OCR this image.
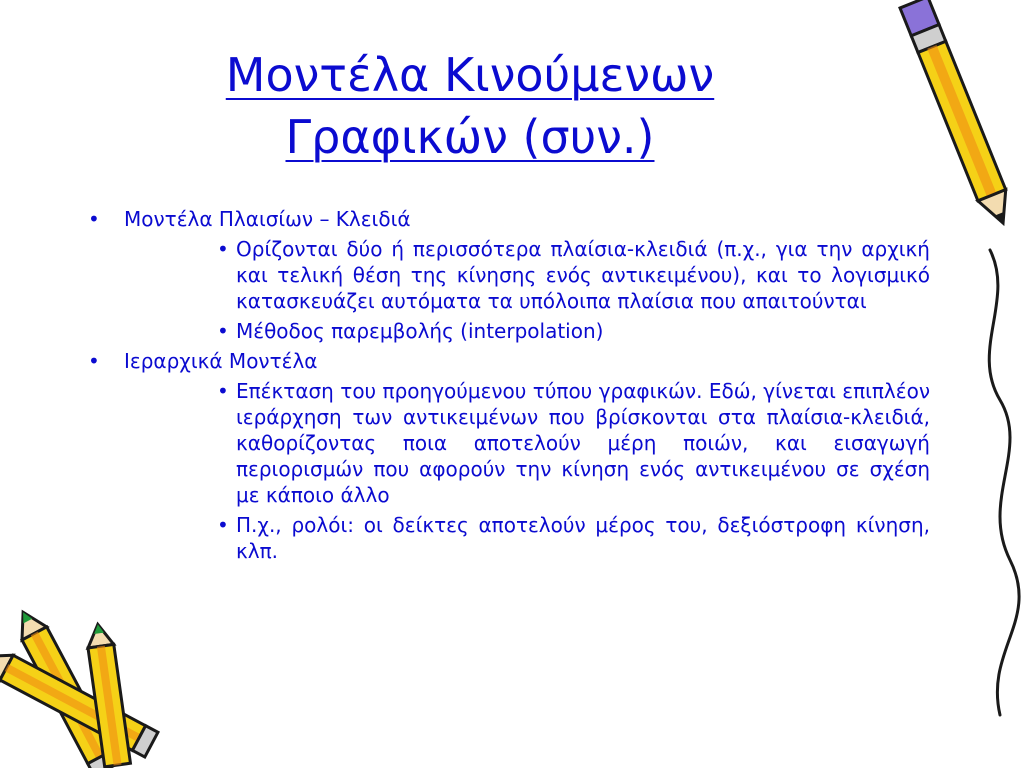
Μοντέλα Κινούμενων
Γραφικών (συν.)
• Μοντέλα Πλαισίων – Κλειδιά
• Ορίζονται δύο ή περισσότερα πλαίσια-κλειδιά (π.χ., για την αρχική και τελική θέση της κίνησης ενός αντικειμένου), και το λογισμικό κατασκευάζει αυτόματα τα υπόλοιπα πλαίσια που απαιτούνται
• Μέθοδος παρεμβολής (interpolation)
• Ιεραρχικά Μοντέλα
• Επέκταση του προηγούμενου τύπου γραφικών. Εδώ, γίνεται επιπλέον ιεράρχηση των αντικειμένων που βρίσκονται στα πλαίσια-κλειδιά, καθορίζοντας ποια αποτελούν μέρη ποιών, και εισαγωγή περιορισμών που αφορούν την κίνηση ενός αντικειμένου σε σχέση με κάποιο άλλο
• Π.χ., ρολόι: οι δείκτες αποτελούν μέρος του, δεξιόστροφη κίνηση, κλπ.
